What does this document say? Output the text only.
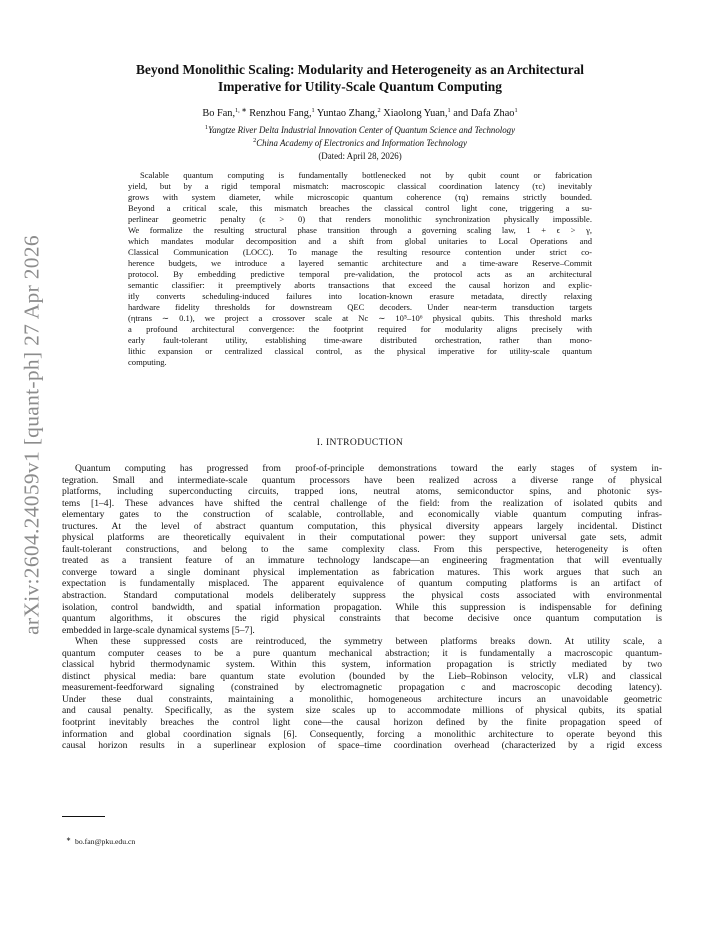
arXiv:2604.24059v1 [quant-ph] 27 Apr 2026
Beyond Monolithic Scaling: Modularity and Heterogeneity as an Architectural
Imperative for Utility-Scale Quantum Computing
Bo Fan,$^{1, ∗}$ Renzhou Fang,$^1$ Yuntao Zhang,$^2$ Xiaolong Yuan,$^1$ and Dafa Zhao$^1$
$^1$Yangtze River Delta Industrial Innovation Center of Quantum Science and Technology
$^2$China Academy of Electronics and Information Technology
(Dated: April 28, 2026)
Scalable quantum computing is fundamentally bottlenecked not by qubit count or fabrication
yield, but by a rigid temporal mismatch: macroscopic classical coordination latency (τc) inevitably
grows with system diameter, while microscopic quantum coherence (τq) remains strictly bounded.
Beyond a critical scale, this mismatch breaches the classical control light cone, triggering a su-
perlinear geometric penalty (ϵ > 0) that renders monolithic synchronization physically impossible.
We formalize the resulting structural phase transition through a governing scaling law, 1 + ϵ > γ,
which mandates modular decomposition and a shift from global unitaries to Local Operations and
Classical Communication (LOCC). To manage the resulting resource contention under strict co-
herence budgets, we introduce a layered semantic architecture and a time-aware Reserve–Commit
protocol. By embedding predictive temporal pre-validation, the protocol acts as an architectural
semantic classifier: it preemptively aborts transactions that exceed the causal horizon and explic-
itly converts scheduling-induced failures into location-known erasure metadata, directly relaxing
hardware fidelity thresholds for downstream QEC decoders. Under near-term transduction targets
(ηtrans ∼ 0.1), we project a crossover scale at Nc ∼ 10⁵–10⁶ physical qubits. This threshold marks
a profound architectural convergence: the footprint required for modularity aligns precisely with
early fault-tolerant utility, establishing time-aware distributed orchestration, rather than mono-
lithic expansion or centralized classical control, as the physical imperative for utility-scale quantum
computing.
I. INTRODUCTION
Quantum computing has progressed from proof-of-principle demonstrations toward the early stages of system in-
tegration. Small and intermediate-scale quantum processors have been realized across a diverse range of physical
platforms, including superconducting circuits, trapped ions, neutral atoms, semiconductor spins, and photonic sys-
tems [1–4]. These advances have shifted the central challenge of the field: from the realization of isolated qubits and
elementary gates to the construction of scalable, controllable, and economically viable quantum computing infras-
tructures. At the level of abstract quantum computation, this physical diversity appears largely incidental. Distinct
physical platforms are theoretically equivalent in their computational power: they support universal gate sets, admit
fault-tolerant constructions, and belong to the same complexity class. From this perspective, heterogeneity is often
treated as a transient feature of an immature technology landscape—an engineering fragmentation that will eventually
converge toward a single dominant physical implementation as fabrication matures. This work argues that such an
expectation is fundamentally misplaced. The apparent equivalence of quantum computing platforms is an artifact of
abstraction. Standard computational models deliberately suppress the physical costs associated with environmental
isolation, control bandwidth, and spatial information propagation. While this suppression is indispensable for defining
quantum algorithms, it obscures the rigid physical constraints that become decisive once quantum computation is
embedded in large-scale dynamical systems [5–7].
When these suppressed costs are reintroduced, the symmetry between platforms breaks down. At utility scale, a
quantum computer ceases to be a pure quantum mechanical abstraction; it is fundamentally a macroscopic quantum-
classical hybrid thermodynamic system. Within this system, information propagation is strictly mediated by two
distinct physical media: bare quantum state evolution (bounded by the Lieb–Robinson velocity, vLR) and classical
measurement-feedforward signaling (constrained by electromagnetic propagation c and macroscopic decoding latency).
Under these dual constraints, maintaining a monolithic, homogeneous architecture incurs an unavoidable geometric
and causal penalty. Specifically, as the system size scales up to accommodate millions of physical qubits, its spatial
footprint inevitably breaches the control light cone—the causal horizon defined by the finite propagation speed of
information and global coordination signals [6]. Consequently, forcing a monolithic architecture to operate beyond this
causal horizon results in a superlinear explosion of space–time coordination overhead (characterized by a rigid excess
∗ bo.fan@pku.edu.cn
